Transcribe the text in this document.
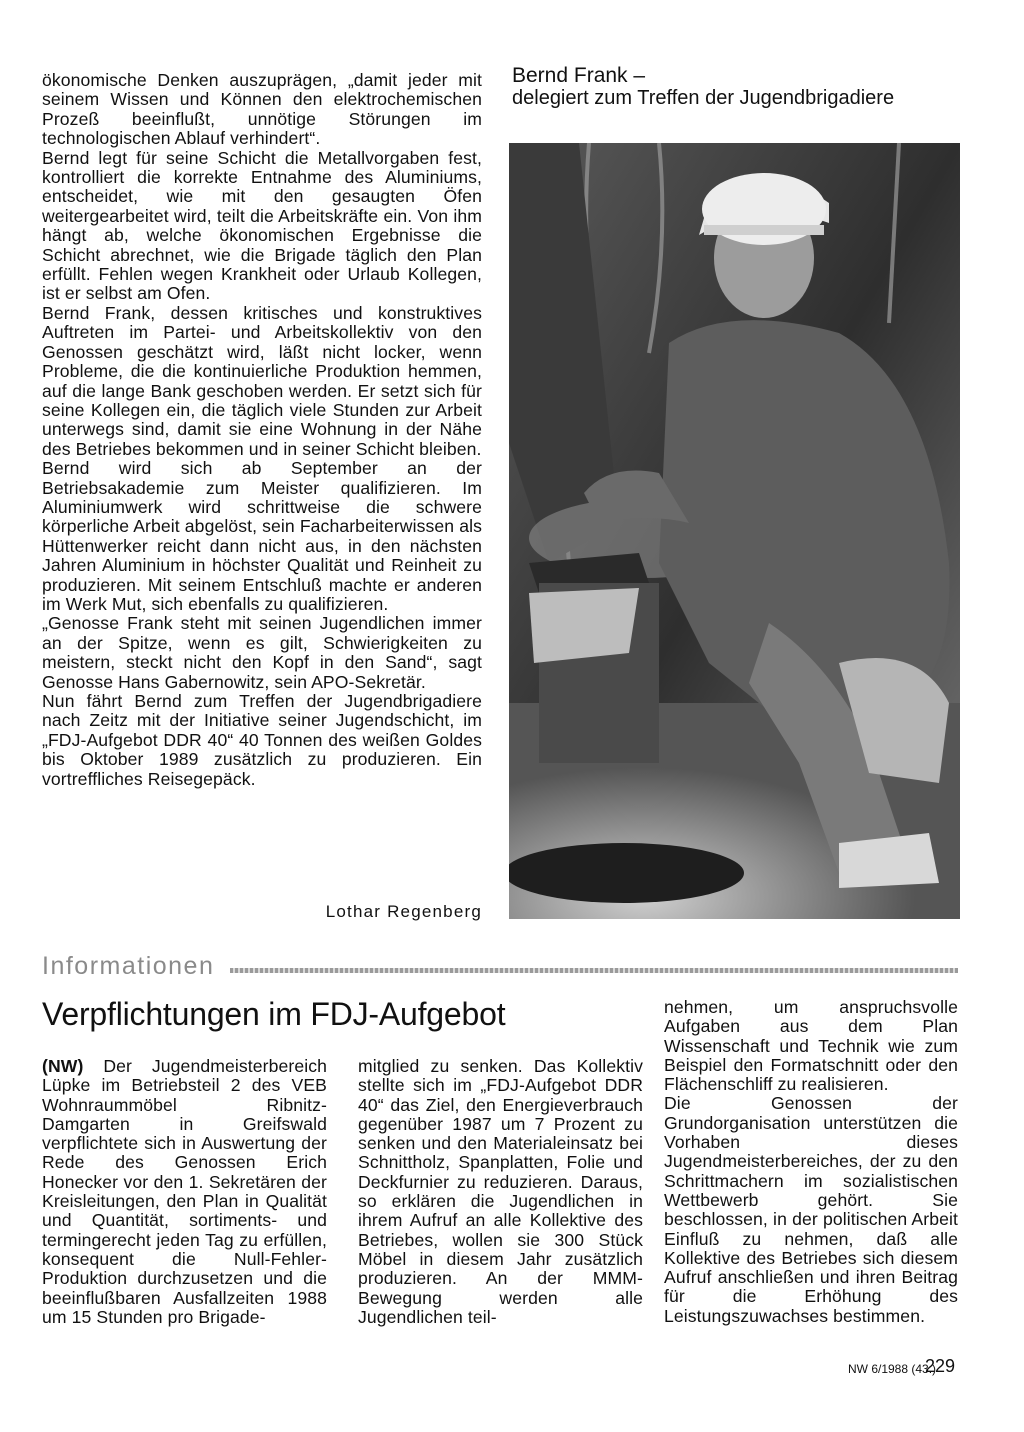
ökonomische Denken auszuprägen, „damit jeder mit seinem Wissen und Können den elektrochemischen Prozeß beeinflußt, unnötige Störungen im technologischen Ablauf verhindert“.

Bernd legt für seine Schicht die Metallvorgaben fest, kontrolliert die korrekte Entnahme des Aluminiums, entscheidet, wie mit den gesaugten Öfen weitergearbeitet wird, teilt die Arbeitskräfte ein. Von ihm hängt ab, welche ökonomischen Ergebnisse die Schicht abrechnet, wie die Brigade täglich den Plan erfüllt. Fehlen wegen Krankheit oder Urlaub Kollegen, ist er selbst am Ofen.

Bernd Frank, dessen kritisches und konstruktives Auftreten im Partei- und Arbeitskollektiv von den Genossen geschätzt wird, läßt nicht locker, wenn Probleme, die die kontinuierliche Produktion hemmen, auf die lange Bank geschoben werden. Er setzt sich für seine Kollegen ein, die täglich viele Stunden zur Arbeit unterwegs sind, damit sie eine Wohnung in der Nähe des Betriebes bekommen und in seiner Schicht bleiben.

Bernd wird sich ab September an der Betriebsakademie zum Meister qualifizieren. Im Aluminiumwerk wird schrittweise die schwere körperliche Arbeit abgelöst, sein Facharbeiterwissen als Hüttenwerker reicht dann nicht aus, in den nächsten Jahren Aluminium in höchster Qualität und Reinheit zu produzieren. Mit seinem Entschluß machte er anderen im Werk Mut, sich ebenfalls zu qualifizieren.

„Genosse Frank steht mit seinen Jugendlichen immer an der Spitze, wenn es gilt, Schwierigkeiten zu meistern, steckt nicht den Kopf in den Sand“, sagt Genosse Hans Gabernowitz, sein APO-Sekretär.

Nun fährt Bernd zum Treffen der Jugendbrigadiere nach Zeitz mit der Initiative seiner Jugendschicht, im „FDJ-Aufgebot DDR 40“ 40 Tonnen des weißen Goldes bis Oktober 1989 zusätzlich zu produzieren. Ein vortreffliches Reisegepäck.

Lothar Regenberg
Bernd Frank –
delegiert zum Treffen der Jugendbrigadiere
Informationen
Verpflichtungen im FDJ-Aufgebot

(NW) Der Jugendmeisterbereich Lüpke im Betriebsteil 2 des VEB Wohnraummöbel Ribnitz-Damgarten in Greifswald verpflichtete sich in Auswertung der Rede des Genossen Erich Honecker vor den 1. Sekretären der Kreisleitungen, den Plan in Qualität und Quantität, sortiments- und termingerecht jeden Tag zu erfüllen, konsequent die Null-Fehler-Produktion durchzusetzen und die beeinflußbaren Ausfallzeiten 1988 um 15 Stunden pro Brigade-

mitglied zu senken. Das Kollektiv stellte sich im „FDJ-Aufgebot DDR 40“ das Ziel, den Energieverbrauch gegenüber 1987 um 7 Prozent zu senken und den Materialeinsatz bei Schnittholz, Spanplatten, Folie und Deckfurnier zu reduzieren. Daraus, so erklären die Jugendlichen in ihrem Aufruf an alle Kollektive des Betriebes, wollen sie 300 Stück Möbel in diesem Jahr zusätzlich produzieren. An der MMM-Bewegung werden alle Jugendlichen teil-

nehmen, um anspruchsvolle Aufgaben aus dem Plan Wissenschaft und Technik wie zum Beispiel den Formatschnitt oder den Flächenschliff zu realisieren.

Die Genossen der Grundorganisation unterstützen die Vorhaben dieses Jugendmeisterbereiches, der zu den Schrittmachern im sozialistischen Wettbewerb gehört. Sie beschlossen, in der politischen Arbeit Einfluß zu nehmen, daß alle Kollektive des Betriebes sich diesem Aufruf anschließen und ihren Beitrag für die Erhöhung des Leistungszuwachses bestimmen.

NW 6/1988 (43.)
229
